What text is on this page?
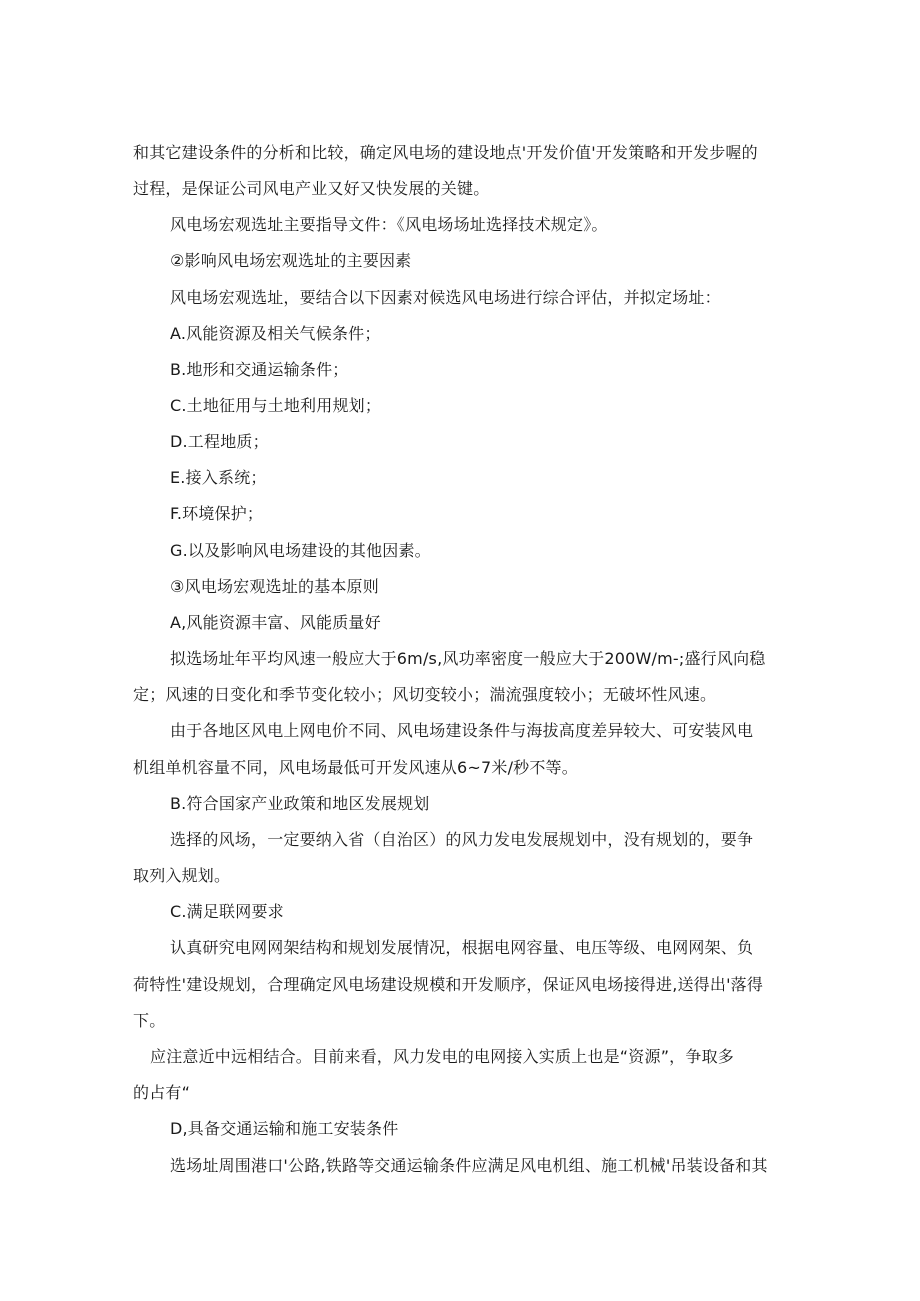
和其它建设条件的分析和比较，确定风电场的建设地点'开发价值'开发策略和开发步喔的
过程，是保证公司风电产业又好又快发展的关键。
风电场宏观选址主要指导文件：《风电场场址选择技术规定》。
②影响风电场宏观选址的主要因素
风电场宏观选址，要结合以下因素对候选风电场进行综合评估，并拟定场址：
A.风能资源及相关气候条件；
B.地形和交通运输条件；
C.土地征用与土地利用规划；
D.工程地质；
E.接入系统；
F.环境保护；
G.以及影响风电场建设的其他因素。
③风电场宏观选址的基本原则
A,风能资源丰富、风能质量好
拟选场址年平均风速一般应大于6m/s,风功率密度一般应大于200W/m-;盛行风向稳
定；风速的日变化和季节变化较小；风切变较小；湍流强度较小；无破坏性风速。
由于各地区风电上网电价不同、风电场建设条件与海拔高度差异较大、可安装风电
机组单机容量不同，风电场最低可开发风速从6~7米/秒不等。
B.符合国家产业政策和地区发展规划
选择的风场，一定要纳入省（自治区）的风力发电发展规划中，没有规划的，要争
取列入规划。
C.满足联网要求
认真研究电网网架结构和规划发展情况，根据电网容量、电压等级、电网网架、负
荷特性'建设规划，合理确定风电场建设规模和开发顺序，保证风电场接得进,送得出'落得
下。
应注意近中远相结合。目前来看，风力发电的电网接入实质上也是“资源”，争取多
的占有“
D,具备交通运输和施工安装条件
选场址周围港口'公路,铁路等交通运输条件应满足风电机组、施工机械'吊装设备和其
